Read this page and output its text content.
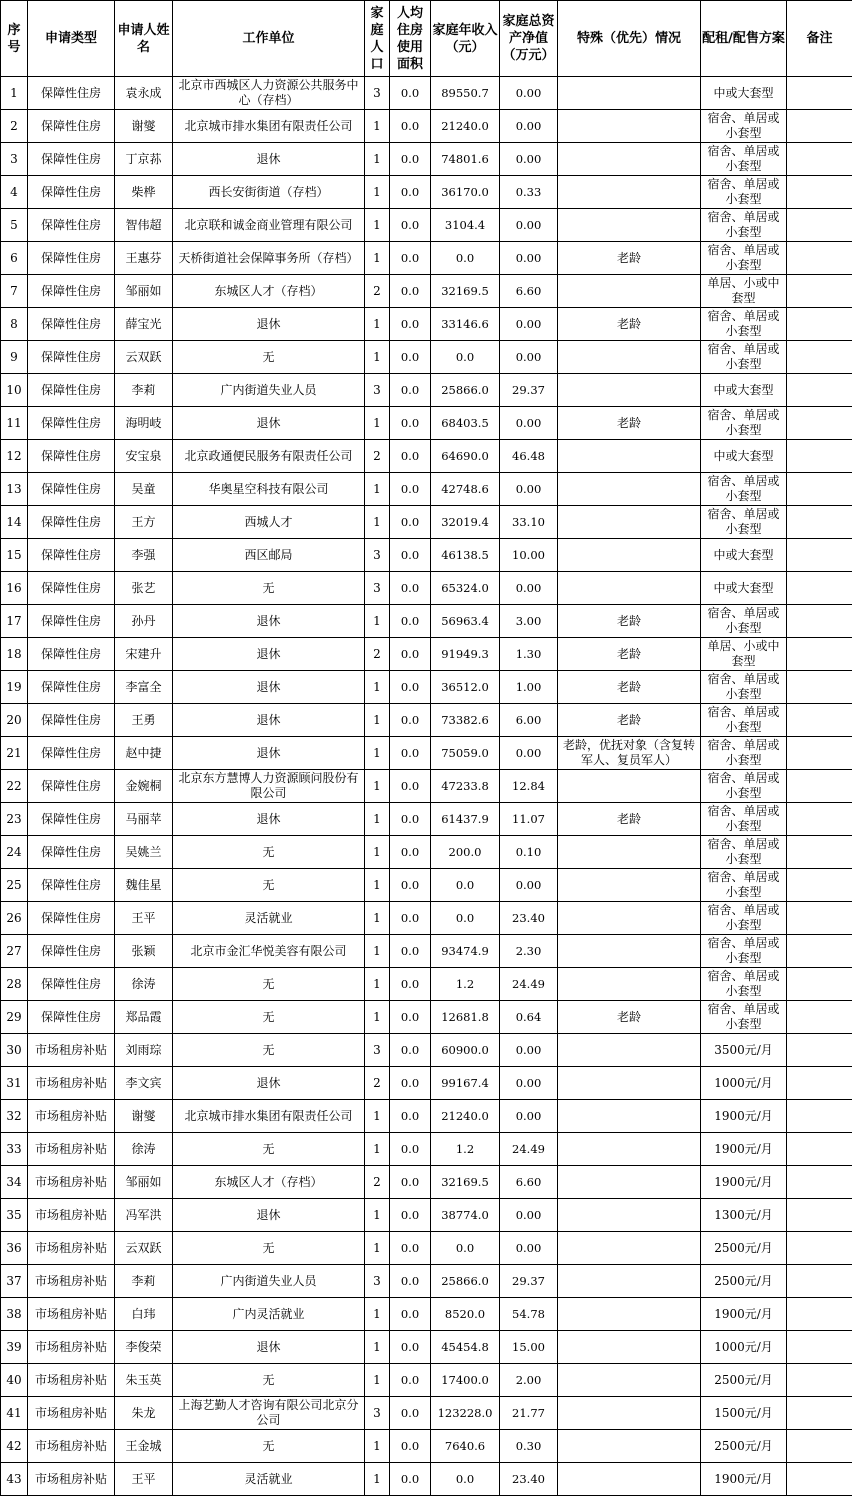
序号	申请类型	申请人姓名	工作单位	家庭人口	人均住房使用面积	家庭年收入（元）	家庭总资产净值（万元）	特殊（优先）情况	配租/配售方案	备注
1	保障性住房	袁永成	北京市西城区人力资源公共服务中心（存档）	3	0.0	89550.7	0.00		中或大套型	
2	保障性住房	谢燮	北京城市排水集团有限责任公司	1	0.0	21240.0	0.00		宿舍、单居或小套型	
3	保障性住房	丁京荪	退休	1	0.0	74801.6	0.00		宿舍、单居或小套型	
4	保障性住房	柴桦	西长安街街道（存档）	1	0.0	36170.0	0.33		宿舍、单居或小套型	
5	保障性住房	智伟超	北京联和诚金商业管理有限公司	1	0.0	3104.4	0.00		宿舍、单居或小套型	
6	保障性住房	王惠芬	天桥街道社会保障事务所（存档）	1	0.0	0.0	0.00	老龄	宿舍、单居或小套型	
7	保障性住房	邹丽如	东城区人才（存档）	2	0.0	32169.5	6.60		单居、小或中套型	
8	保障性住房	薛宝光	退休	1	0.0	33146.6	0.00	老龄	宿舍、单居或小套型	
9	保障性住房	云双跃	无	1	0.0	0.0	0.00		宿舍、单居或小套型	
10	保障性住房	李莉	广内街道失业人员	3	0.0	25866.0	29.37		中或大套型	
11	保障性住房	海明岐	退休	1	0.0	68403.5	0.00	老龄	宿舍、单居或小套型	
12	保障性住房	安宝泉	北京政通便民服务有限责任公司	2	0.0	64690.0	46.48		中或大套型	
13	保障性住房	吴童	华奥星空科技有限公司	1	0.0	42748.6	0.00		宿舍、单居或小套型	
14	保障性住房	王方	西城人才	1	0.0	32019.4	33.10		宿舍、单居或小套型	
15	保障性住房	李强	西区邮局	3	0.0	46138.5	10.00		中或大套型	
16	保障性住房	张艺	无	3	0.0	65324.0	0.00		中或大套型	
17	保障性住房	孙丹	退休	1	0.0	56963.4	3.00	老龄	宿舍、单居或小套型	
18	保障性住房	宋建升	退休	2	0.0	91949.3	1.30	老龄	单居、小或中套型	
19	保障性住房	李富全	退休	1	0.0	36512.0	1.00	老龄	宿舍、单居或小套型	
20	保障性住房	王勇	退休	1	0.0	73382.6	6.00	老龄	宿舍、单居或小套型	
21	保障性住房	赵中捷	退休	1	0.0	75059.0	0.00	老龄，优抚对象（含复转军人、复员军人）	宿舍、单居或小套型	
22	保障性住房	金婉桐	北京东方慧博人力资源顾问股份有限公司	1	0.0	47233.8	12.84		宿舍、单居或小套型	
23	保障性住房	马丽苹	退休	1	0.0	61437.9	11.07	老龄	宿舍、单居或小套型	
24	保障性住房	吴姚兰	无	1	0.0	200.0	0.10		宿舍、单居或小套型	
25	保障性住房	魏佳星	无	1	0.0	0.0	0.00		宿舍、单居或小套型	
26	保障性住房	王平	灵活就业	1	0.0	0.0	23.40		宿舍、单居或小套型	
27	保障性住房	张颖	北京市金汇华悦美容有限公司	1	0.0	93474.9	2.30		宿舍、单居或小套型	
28	保障性住房	徐涛	无	1	0.0	1.2	24.49		宿舍、单居或小套型	
29	保障性住房	郑品霞	无	1	0.0	12681.8	0.64	老龄	宿舍、单居或小套型	
30	市场租房补贴	刘雨琮	无	3	0.0	60900.0	0.00		3500元/月	
31	市场租房补贴	李文宾	退休	2	0.0	99167.4	0.00		1000元/月	
32	市场租房补贴	谢燮	北京城市排水集团有限责任公司	1	0.0	21240.0	0.00		1900元/月	
33	市场租房补贴	徐涛	无	1	0.0	1.2	24.49		1900元/月	
34	市场租房补贴	邹丽如	东城区人才（存档）	2	0.0	32169.5	6.60		1900元/月	
35	市场租房补贴	冯军洪	退休	1	0.0	38774.0	0.00		1300元/月	
36	市场租房补贴	云双跃	无	1	0.0	0.0	0.00		2500元/月	
37	市场租房补贴	李莉	广内街道失业人员	3	0.0	25866.0	29.37		2500元/月	
38	市场租房补贴	白玮	广内灵活就业	1	0.0	8520.0	54.78		1900元/月	
39	市场租房补贴	李俊荣	退休	1	0.0	45454.8	15.00		1000元/月	
40	市场租房补贴	朱玉英	无	1	0.0	17400.0	2.00		2500元/月	
41	市场租房补贴	朱龙	上海艺勤人才咨询有限公司北京分公司	3	0.0	123228.0	21.77		1500元/月	
42	市场租房补贴	王金城	无	1	0.0	7640.6	0.30		2500元/月	
43	市场租房补贴	王平	灵活就业	1	0.0	0.0	23.40		1900元/月	
